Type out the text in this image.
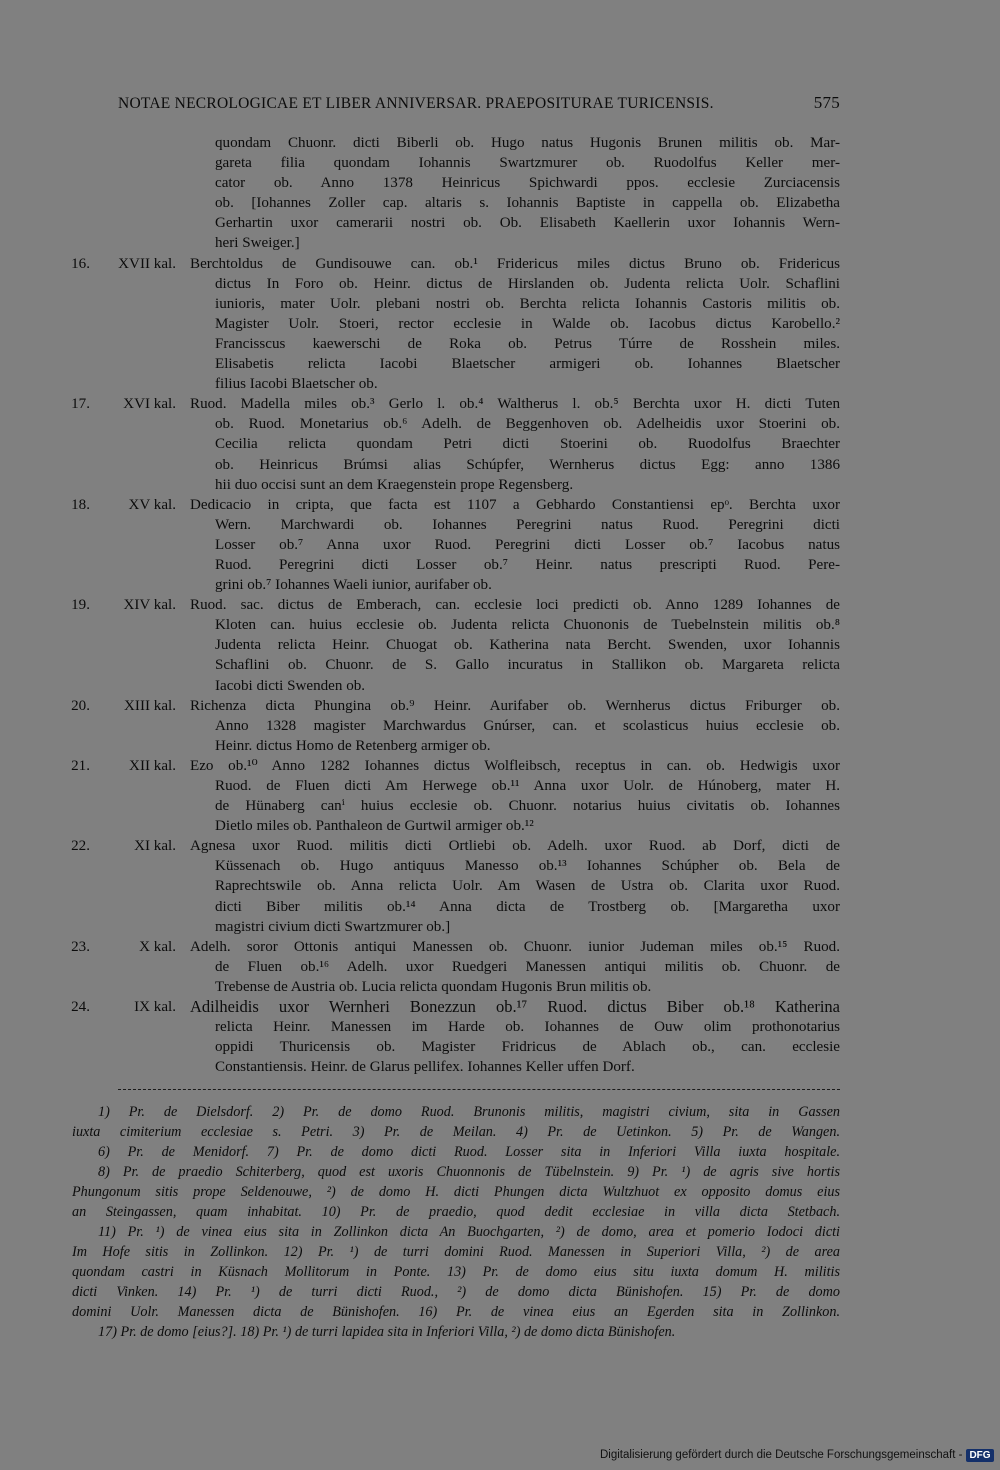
NOTAE NECROLOGICAE ET LIBER ANNIVERSAR. PRAEPOSITURAE TURICENSIS.	575
quondam Chuonr. dicti Biberli ob. Hugo natus Hugonis Brunen militis ob. Mar-
gareta filia quondam Iohannis Swartzmurer ob. Ruodolfus Keller mer-
cator ob. Anno 1378 Heinricus Spichwardi ppos. ecclesie Zurciacensis
ob. [Iohannes Zoller cap. altaris s. Iohannis Baptiste in cappella ob. Elizabetha
Gerhartin uxor camerarii nostri ob. Ob. Elisabeth Kaellerin uxor Iohannis Wern-
heri Sweiger.]
16.	XVII kal. Berchtoldus de Gundisouwe can. ob.¹ Fridericus miles dictus Bruno ob. Fridericus
dictus In Foro ob. Heinr. dictus de Hirslanden ob. Judenta relicta Uolr. Schaflini
iunioris, mater Uolr. plebani nostri ob. Berchta relicta Iohannis Castoris militis ob.
Magister Uolr. Stoeri, rector ecclesie in Walde ob. Iacobus dictus Karobello.²
Francisscus kaewerschi de Roka ob. Petrus Túrre de Rosshein miles.
Elisabetis relicta Iacobi Blaetscher armigeri ob. Iohannes Blaetscher
filius Iacobi Blaetscher ob.
17.	XVI kal. Ruod. Madella miles ob.³ Gerlo l. ob.⁴ Waltherus l. ob.⁵ Berchta uxor H. dicti Tuten
ob. Ruod. Monetarius ob.⁶ Adelh. de Beggenhoven ob. Adelheidis uxor Stoerini ob.
Cecilia relicta quondam Petri dicti Stoerini ob. Ruodolfus Braechter
ob. Heinricus Brúmsi alias Schúpfer, Wernherus dictus Egg: anno 1386
hii duo occisi sunt an dem Kraegenstein prope Regensberg.
18.	XV kal. Dedicacio in cripta, que facta est 1107 a Gebhardo Constantiensi epᵒ. Berchta uxor
Wern. Marchwardi ob. Iohannes Peregrini natus Ruod. Peregrini dicti
Losser ob.⁷ Anna uxor Ruod. Peregrini dicti Losser ob.⁷ Iacobus natus
Ruod. Peregrini dicti Losser ob.⁷ Heinr. natus prescripti Ruod. Pere-
grini ob.⁷ Iohannes Waeli iunior, aurifaber ob.
19.	XIV kal. Ruod. sac. dictus de Emberach, can. ecclesie loci predicti ob. Anno 1289 Iohannes de
Kloten can. huius ecclesie ob. Judenta relicta Chuononis de Tuebelnstein militis ob.⁸
Judenta relicta Heinr. Chuogat ob. Katherina nata Bercht. Swenden, uxor Iohannis
Schaflini ob. Chuonr. de S. Gallo incuratus in Stallikon ob. Margareta relicta
Iacobi dicti Swenden ob.
20.	XIII kal. Richenza dicta Phungina ob.⁹ Heinr. Aurifaber ob. Wernherus dictus Friburger ob.
Anno 1328 magister Marchwardus Gnúrser, can. et scolasticus huius ecclesie ob.
Heinr. dictus Homo de Retenberg armiger ob.
21.	XII kal. Ezo ob.¹⁰ Anno 1282 Iohannes dictus Wolfleibsch, receptus in can. ob. Hedwigis uxor
Ruod. de Fluen dicti Am Herwege ob.¹¹ Anna uxor Uolr. de Húnoberg, mater H.
de Hünaberg canⁱ huius ecclesie ob. Chuonr. notarius huius civitatis ob. Iohannes
Dietlo miles ob. Panthaleon de Gurtwil armiger ob.¹²
22.	XI kal. Agnesa uxor Ruod. militis dicti Ortliebi ob. Adelh. uxor Ruod. ab Dorf, dicti de
Küssenach ob. Hugo antiquus Manesso ob.¹³ Iohannes Schúpher ob. Bela de
Raprechtswile ob. Anna relicta Uolr. Am Wasen de Ustra ob. Clarita uxor Ruod.
dicti Biber militis ob.¹⁴ Anna dicta de Trostberg ob. [Margaretha uxor
magistri civium dicti Swartzmurer ob.]
23.	X kal. Adelh. soror Ottonis antiqui Manessen ob. Chuonr. iunior Judeman miles ob.¹⁵ Ruod.
de Fluen ob.¹⁶ Adelh. uxor Ruedgeri Manessen antiqui militis ob. Chuonr. de
Trebense de Austria ob. Lucia relicta quondam Hugonis Brun militis ob.
24.	IX kal. Adilheidis uxor Wernheri Bonezzun ob.¹⁷ Ruod. dictus Biber ob.¹⁸ Katherina
relicta Heinr. Manessen im Harde ob. Iohannes de Ouw olim prothonotarius
oppidi Thuricensis ob. Magister Fridricus de Ablach ob., can. ecclesie
Constantiensis. Heinr. de Glarus pellifex. Iohannes Keller uffen Dorf.
1) Pr. de Dielsdorf. 2) Pr. de domo Ruod. Brunonis militis, magistri civium, sita in Gassen
iuxta cimiterium ecclesiae s. Petri. 3) Pr. de Meilan. 4) Pr. de Uetinkon. 5) Pr. de Wangen.
6) Pr. de Menidorf. 7) Pr. de domo dicti Ruod. Losser sita in Inferiori Villa iuxta hospitale.
8) Pr. de praedio Schiterberg, quod est uxoris Chuonnonis de Tübelnstein. 9) Pr. ¹) de agris sive hortis
Phungonum sitis prope Seldenouwe, ²) de domo H. dicti Phungen dicta Wultzhuot ex opposito domus eius
an Steingassen, quam inhabitat. 10) Pr. de praedio, quod dedit ecclesiae in villa dicta Stetbach.
11) Pr. ¹) de vinea eius sita in Zollinkon dicta An Buochgarten, ²) de domo, area et pomerio Iodoci dicti
Im Hofe sitis in Zollinkon. 12) Pr. ¹) de turri domini Ruod. Manessen in Superiori Villa, ²) de area
quondam castri in Küsnach Mollitorum in Ponte. 13) Pr. de domo eius situ iuxta domum H. militis
dicti Vinken. 14) Pr. ¹) de turri dicti Ruod., ²) de domo dicta Bünishofen. 15) Pr. de domo
domini Uolr. Manessen dicta de Bünishofen. 16) Pr. de vinea eius an Egerden sita in Zollinkon.
17) Pr. de domo [eius?]. 18) Pr. ¹) de turri lapidea sita in Inferiori Villa, ²) de domo dicta Bünishofen.
Digitalisierung gefördert durch die Deutsche Forschungsgemeinschaft - DFG
